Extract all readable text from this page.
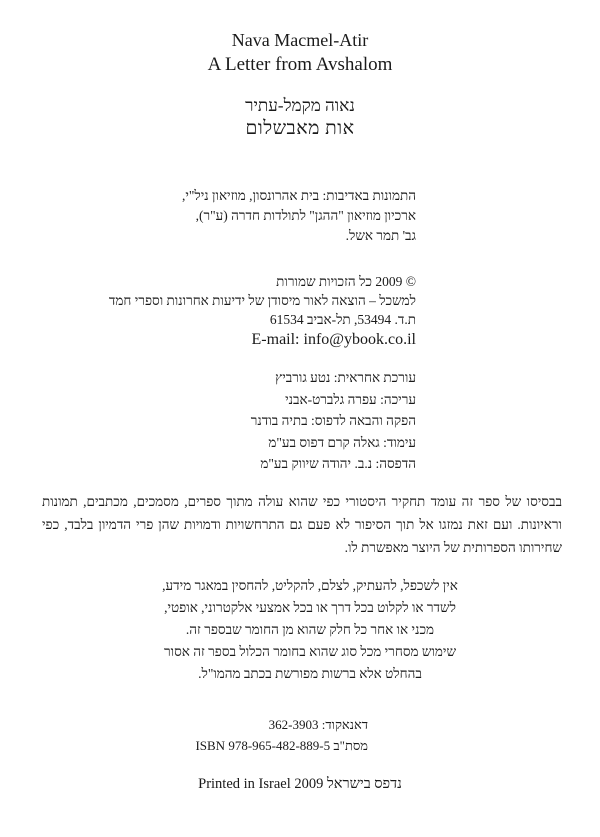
Nava Macmel-Atir
A Letter from Avshalom
נאוה מקמל-עתיר
אות מאבשלום
התמונות באדיבות: בית אהרונסון, מוזיאון ניל"י,
ארכיון מוזיאון "ההגן" לתולדות חדרה (ע"ר),
גב' תמר אשל.
© 2009 כל הזכויות שמורות
למשכל – הוצאה לאור מיסודן של ידיעות אחרונות וספרי חמד
ת.ד. 53494, תל-אביב 61534
E-mail: info@ybook.co.il
עורכת אחראית: נטע גורביץ
עריכה: עפרה גלברט-אבני
הפקה והבאה לדפוס: בתיה בודנר
עימוד: גאלה קרם דפוס בע"מ
הדפסה: נ.ב. יהודה שיווק בע"מ
בבסיסו של ספר זה עומד תחקיר היסטורי כפי שהוא עולה מתוך ספרים, מסמכים, מכתבים, תמונות וראיונות. ועם זאת נמזגו אל תוך הסיפור לא פעם גם התרחשויות ודמויות שהן פרי הדמיון בלבד, כפי שחירותו הספרותית של היוצר מאפשרת לו.
אין לשכפל, להעתיק, לצלם, להקליט, להחסין במאגר מידע,
לשדר או לקלוט בכל דרך או בכל אמצעי אלקטרוני, אופטי,
מכני או אחר כל חלק שהוא מן החומר שבספר זה.
שימוש מסחרי מכל סוג שהוא בחומר הכלול בספר זה אסור
בהחלט אלא ברשות מפורשת בכתב מהמו"ל.
דאנאקוד: 362-3903
מסת"ב ISBN 978-965-482-889-5
Printed in Israel 2009 נדפס בישראל
